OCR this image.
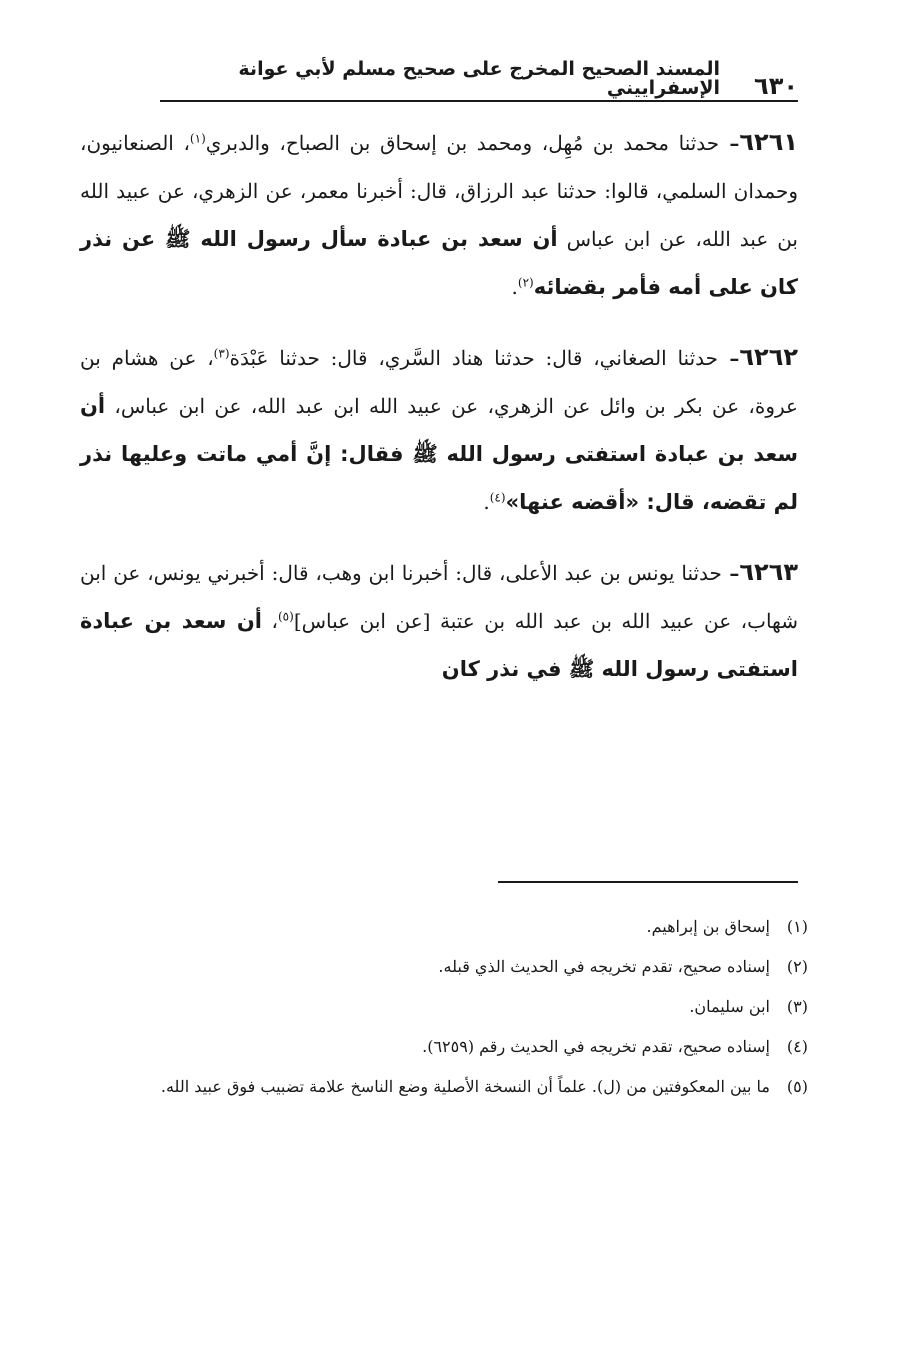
٦٣٠
المسند الصحيح المخرج على صحيح مسلم لأبي عوانة الإسفراييني

٦٢٦١– حدثنا محمد بن مُهِل، ومحمد بن إسحاق بن الصباح، والدبري$^{(١)}$، الصنعانيون، وحمدان السلمي، قالوا: حدثنا عبد الرزاق، قال: أخبرنا معمر، عن الزهري، عن عبيد الله بن عبد الله، عن ابن عباس أن سعد بن عبادة سأل رسول الله ﷺ عن نذر كان على أمه فأمر بقضائه$^{(٢)}$.

٦٢٦٢– حدثنا الصغاني، قال: حدثنا هناد السَّري، قال: حدثنا عَبْدَة$^{(٣)}$، عن هشام بن عروة، عن بكر بن وائل عن الزهري، عن عبيد الله ابن عبد الله، عن ابن عباس، أن سعد بن عبادة استفتى رسول الله ﷺ فقال: إنَّ أمي ماتت وعليها نذر لم تقضه، قال: «أقضه عنها»$^{(٤)}$.

٦٢٦٣– حدثنا يونس بن عبد الأعلى، قال: أخبرنا ابن وهب، قال: أخبرني يونس، عن ابن شهاب، عن عبيد الله بن عبد الله بن عتبة [عن ابن عباس]$^{(٥)}$، أن سعد بن عبادة استفتى رسول الله ﷺ في نذر كان

(١)إسحاق بن إبراهيم.

(٢)إسناده صحيح، تقدم تخريجه في الحديث الذي قبله.

(٣)ابن سليمان.

(٤)إسناده صحيح، تقدم تخريجه في الحديث رقم (٦٢٥٩).

(٥)ما بين المعكوفتين من (ل). علماً أن النسخة الأصلية وضع الناسخ علامة تضبيب فوق عبيد الله.
